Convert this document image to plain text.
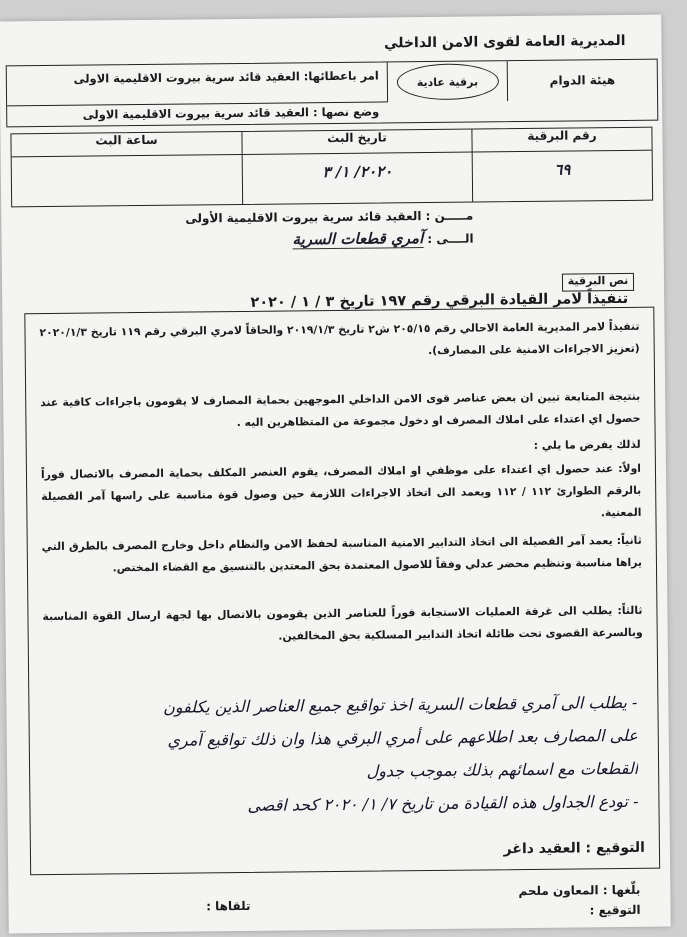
المديرية العامة لقوى الامن الداخلي
هيئة الدوام
برقية عادية
امر باعطائها: العقيد قائد سرية بيروت الاقليمية الاولى
وضع نصها : العقيد قائد سرية بيروت الاقليمية الاولى
رقم البرقية
تاريخ البث
ساعة البث
٦٩
٢٠٢٠/ ١/ ٣
مـــــن : العقيد قائد سرية بيروت الاقليمية الأولى
الــــى : آمري قطعات السرية
نص البرقية
تنفيذاً لامر القيادة البرقي رقم ١٩٧ تاريخ ٣ / ١ / ٢٠٢٠
تنفيذاً لامر المديرية العامة الاحالي رقم ٢٠٥/١٥ ش٢ تاريخ ٢٠١٩/١/٣ والحاقاً لامري البرقي رقم ١١٩ تاريخ ٢٠٢٠/١/٣ (تعزيز الاجراءات الامنية على المصارف).
بنتيجة المتابعة تبين ان بعض عناصر قوى الامن الداخلي الموجهين بحماية المصارف لا يقومون باجراءات كافية عند حصول اي اعتداء على املاك المصرف او دخول مجموعة من المتظاهرين اليه .
لذلك يفرض ما يلي :
اولاً: عند حصول اي اعتداء على موظفي او املاك المصرف، يقوم العنصر المكلف بحماية المصرف بالاتصال فوراً بالرقم الطوارئ ١١٢ / ١١٢ ويعمد الى اتخاذ الاجراءات اللازمة حين وصول قوة مناسبة على راسها آمر الفصيلة المعنية.
ثانياً: يعمد آمر الفصيلة الى اتخاذ التدابير الامنية المناسبة لحفظ الامن والنظام داخل وخارج المصرف بالطرق التي يراها مناسبة وتنظيم محضر عدلي وفقاً للاصول المعتمدة بحق المعتدين بالتنسيق مع القضاء المختص.
ثالثاً: يطلب الى غرفة العمليات الاستجابة فوراً للعناصر الذين يقومون بالاتصال بها لجهة ارسال القوة المناسبة وبالسرعة القصوى تحت طائلة اتخاذ التدابير المسلكية بحق المخالفين.
- يطلب الى آمري قطعات السرية اخذ تواقيع جميع العناصر الذين يكلفون
على المصارف بعد اطلاعهم على أمري البرقي هذا وان ذلك تواقيع آمري
القطعات مع اسمائهم بذلك بموجب جدول
- تودع الجداول هذه القيادة من تاريخ ٧/ ١/ ٢٠٢٠ كحد اقصى
التوقيع : العقيد داغر
بلّغها : المعاون ملحم
التوقيع :
تلقاها :
